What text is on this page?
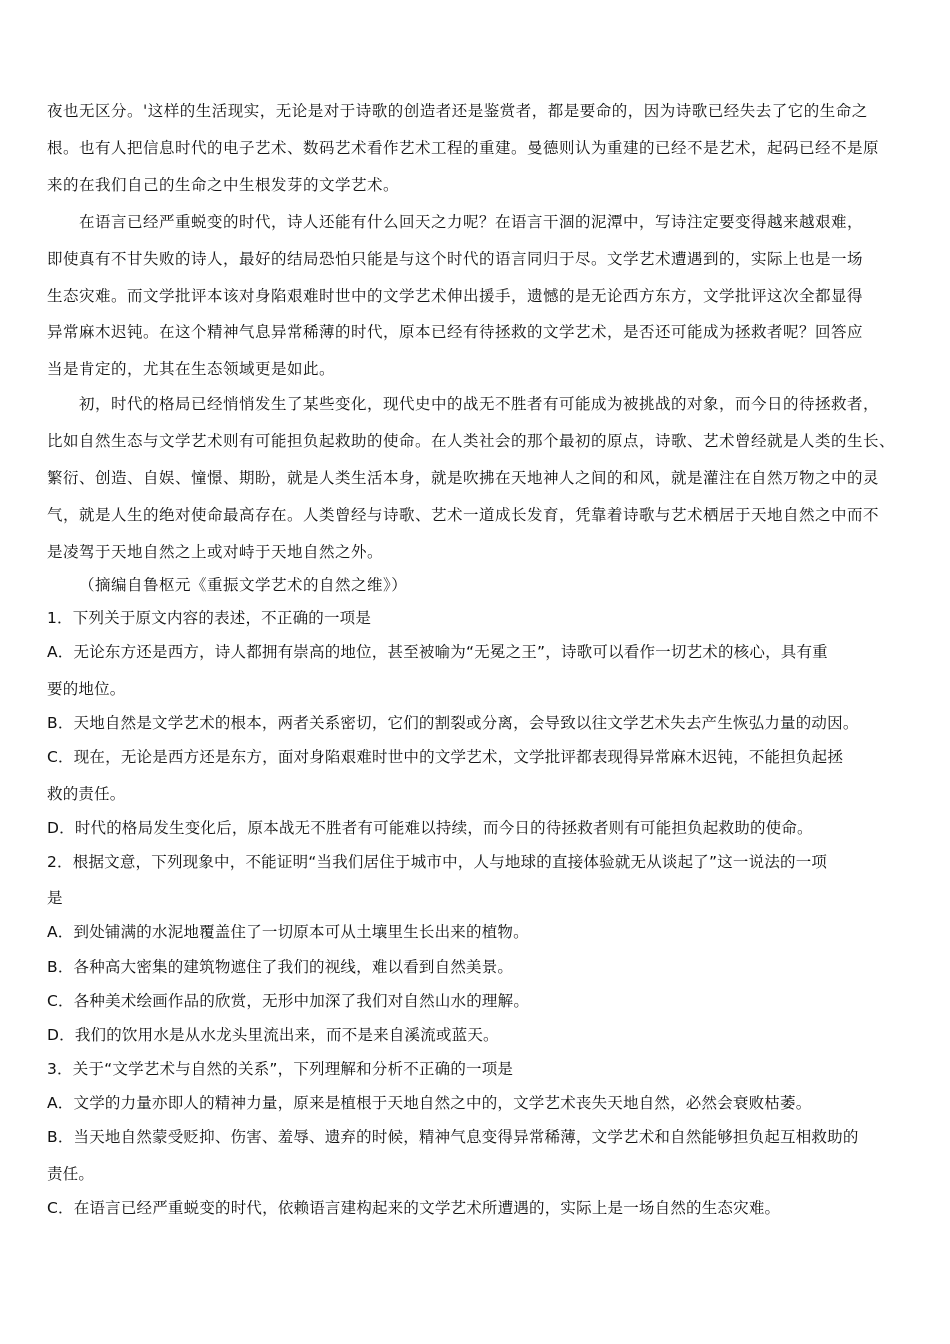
夜也无区分。'这样的生活现实，无论是对于诗歌的创造者还是鉴赏者，都是要命的，因为诗歌已经失去了它的生命之
根。也有人把信息时代的电子艺术、数码艺术看作艺术工程的重建。曼德则认为重建的已经不是艺术，起码已经不是原
来的在我们自己的生命之中生根发芽的文学艺术。
在语言已经严重蜕变的时代，诗人还能有什么回天之力呢？在语言干涸的泥潭中，写诗注定要变得越来越艰难，
即使真有不甘失败的诗人，最好的结局恐怕只能是与这个时代的语言同归于尽。文学艺术遭遇到的，实际上也是一场
生态灾难。而文学批评本该对身陷艰难时世中的文学艺术伸出援手，遗憾的是无论西方东方，文学批评这次全都显得
异常麻木迟钝。在这个精神气息异常稀薄的时代，原本已经有待拯救的文学艺术，是否还可能成为拯救者呢？回答应
当是肯定的，尤其在生态领域更是如此。
初，时代的格局已经悄悄发生了某些变化，现代史中的战无不胜者有可能成为被挑战的对象，而今日的待拯救者，
比如自然生态与文学艺术则有可能担负起救助的使命。在人类社会的那个最初的原点，诗歌、艺术曾经就是人类的生长、
繁衍、创造、自娱、憧憬、期盼，就是人类生活本身，就是吹拂在天地神人之间的和风，就是灌注在自然万物之中的灵
气，就是人生的绝对使命最高存在。人类曾经与诗歌、艺术一道成长发育，凭靠着诗歌与艺术栖居于天地自然之中而不
是凌驾于天地自然之上或对峙于天地自然之外。
（摘编自鲁枢元《重振文学艺术的自然之维》）
1．下列关于原文内容的表述，不正确的一项是
A．无论东方还是西方，诗人都拥有崇高的地位，甚至被喻为“无冕之王”，诗歌可以看作一切艺术的核心，具有重
要的地位。
B．天地自然是文学艺术的根本，两者关系密切，它们的割裂或分离，会导致以往文学艺术失去产生恢弘力量的动因。
C．现在，无论是西方还是东方，面对身陷艰难时世中的文学艺术，文学批评都表现得异常麻木迟钝，不能担负起拯
救的责任。
D．时代的格局发生变化后，原本战无不胜者有可能难以持续，而今日的待拯救者则有可能担负起救助的使命。
2．根据文意，下列现象中，不能证明“当我们居住于城市中，人与地球的直接体验就无从谈起了”这一说法的一项
是
A．到处铺满的水泥地覆盖住了一切原本可从土壤里生长出来的植物。
B．各种高大密集的建筑物遮住了我们的视线，难以看到自然美景。
C．各种美术绘画作品的欣赏，无形中加深了我们对自然山水的理解。
D．我们的饮用水是从水龙头里流出来，而不是来自溪流或蓝天。
3．关于“文学艺术与自然的关系”，下列理解和分析不正确的一项是
A．文学的力量亦即人的精神力量，原来是植根于天地自然之中的，文学艺术丧失天地自然，必然会衰败枯萎。
B．当天地自然蒙受贬抑、伤害、羞辱、遗弃的时候，精神气息变得异常稀薄，文学艺术和自然能够担负起互相救助的
责任。
C．在语言已经严重蜕变的时代，依赖语言建构起来的文学艺术所遭遇的，实际上是一场自然的生态灾难。
